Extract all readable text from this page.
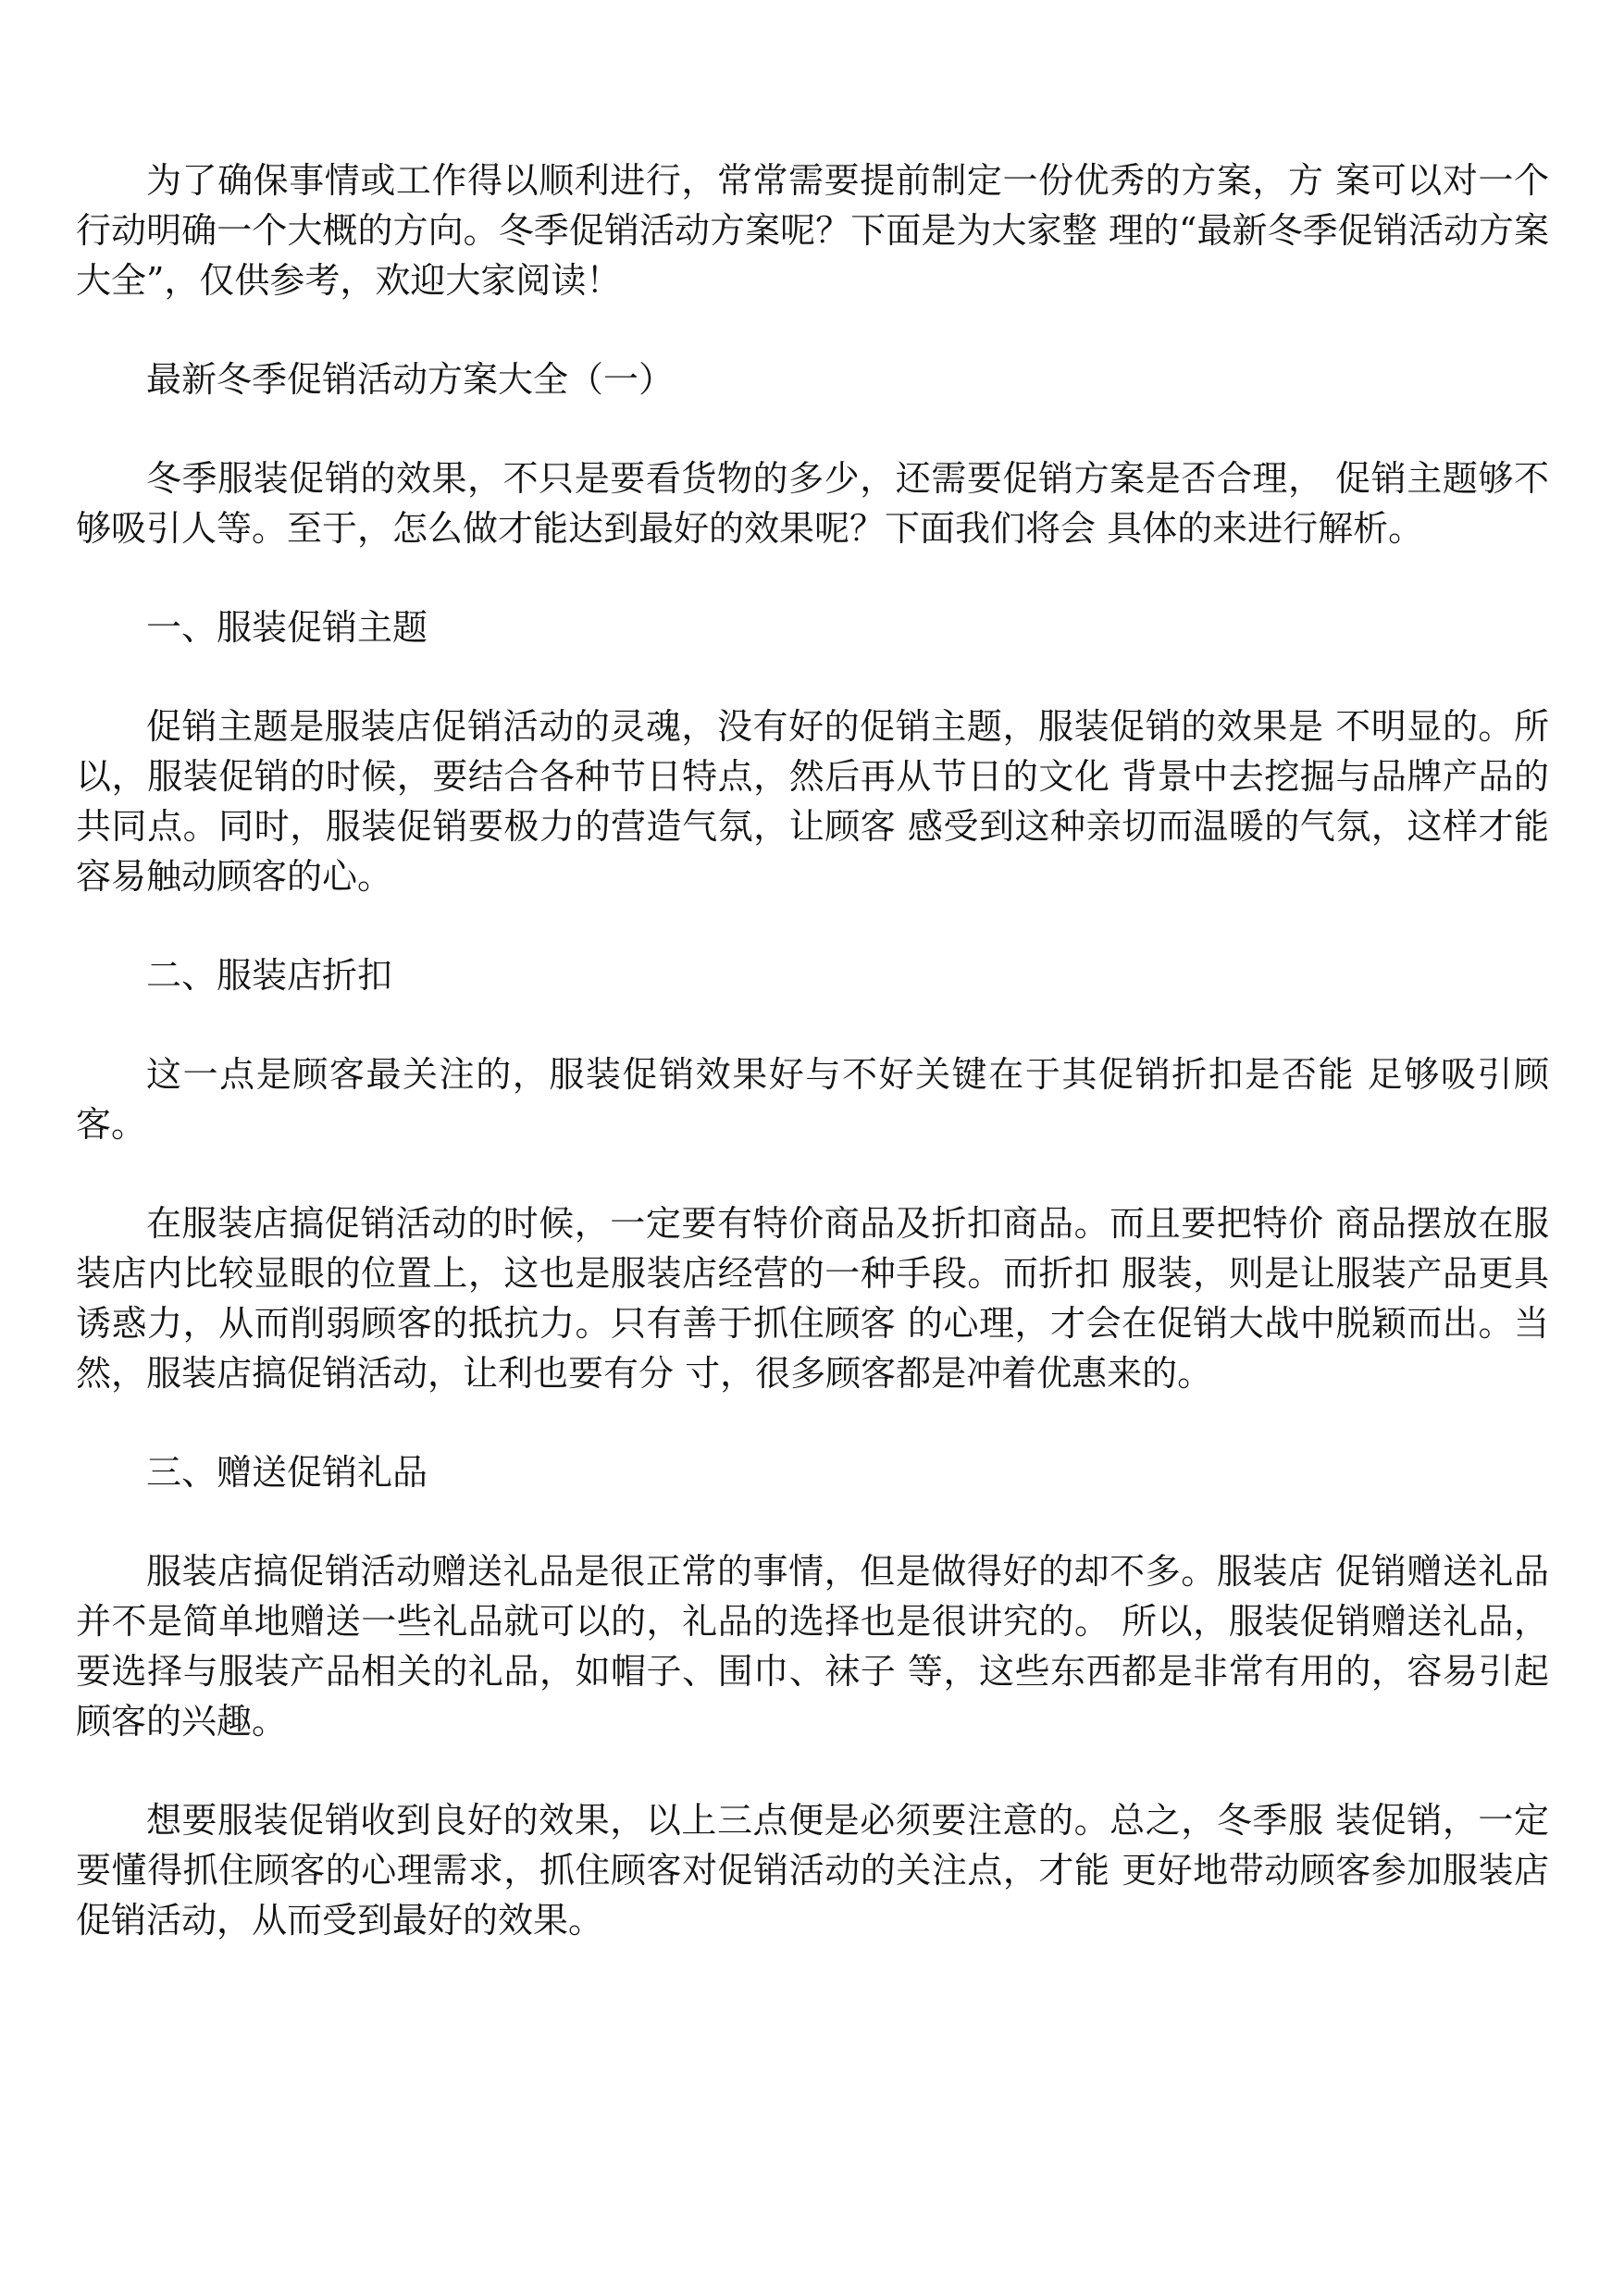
为了确保事情或工作得以顺利进行，常常需要提前制定一份优秀的方案，方 案可以对一个行动明确一个大概的方向。冬季促销活动方案呢？下面是为大家整 理的“最新冬季促销活动方案大全”，仅供参考，欢迎大家阅读！

最新冬季促销活动方案大全（一）

冬季服装促销的效果，不只是要看货物的多少，还需要促销方案是否合理， 促销主题够不够吸引人等。至于，怎么做才能达到最好的效果呢？下面我们将会 具体的来进行解析。

一、服装促销主题

促销主题是服装店促销活动的灵魂，没有好的促销主题，服装促销的效果是 不明显的。所以，服装促销的时候，要结合各种节日特点，然后再从节日的文化 背景中去挖掘与品牌产品的共同点。同时，服装促销要极力的营造气氛，让顾客 感受到这种亲切而温暖的气氛，这样才能容易触动顾客的心。

二、服装店折扣

这一点是顾客最关注的，服装促销效果好与不好关键在于其促销折扣是否能 足够吸引顾客。

在服装店搞促销活动的时候，一定要有特价商品及折扣商品。而且要把特价 商品摆放在服装店内比较显眼的位置上，这也是服装店经营的一种手段。而折扣 服装，则是让服装产品更具诱惑力，从而削弱顾客的抵抗力。只有善于抓住顾客 的心理，才会在促销大战中脱颖而出。当然，服装店搞促销活动，让利也要有分 寸，很多顾客都是冲着优惠来的。

三、赠送促销礼品

服装店搞促销活动赠送礼品是很正常的事情，但是做得好的却不多。服装店 促销赠送礼品并不是简单地赠送一些礼品就可以的，礼品的选择也是很讲究的。 所以，服装促销赠送礼品，要选择与服装产品相关的礼品，如帽子、围巾、袜子 等，这些东西都是非常有用的，容易引起顾客的兴趣。

想要服装促销收到良好的效果，以上三点便是必须要注意的。总之，冬季服 装促销，一定要懂得抓住顾客的心理需求，抓住顾客对促销活动的关注点，才能 更好地带动顾客参加服装店促销活动，从而受到最好的效果。
